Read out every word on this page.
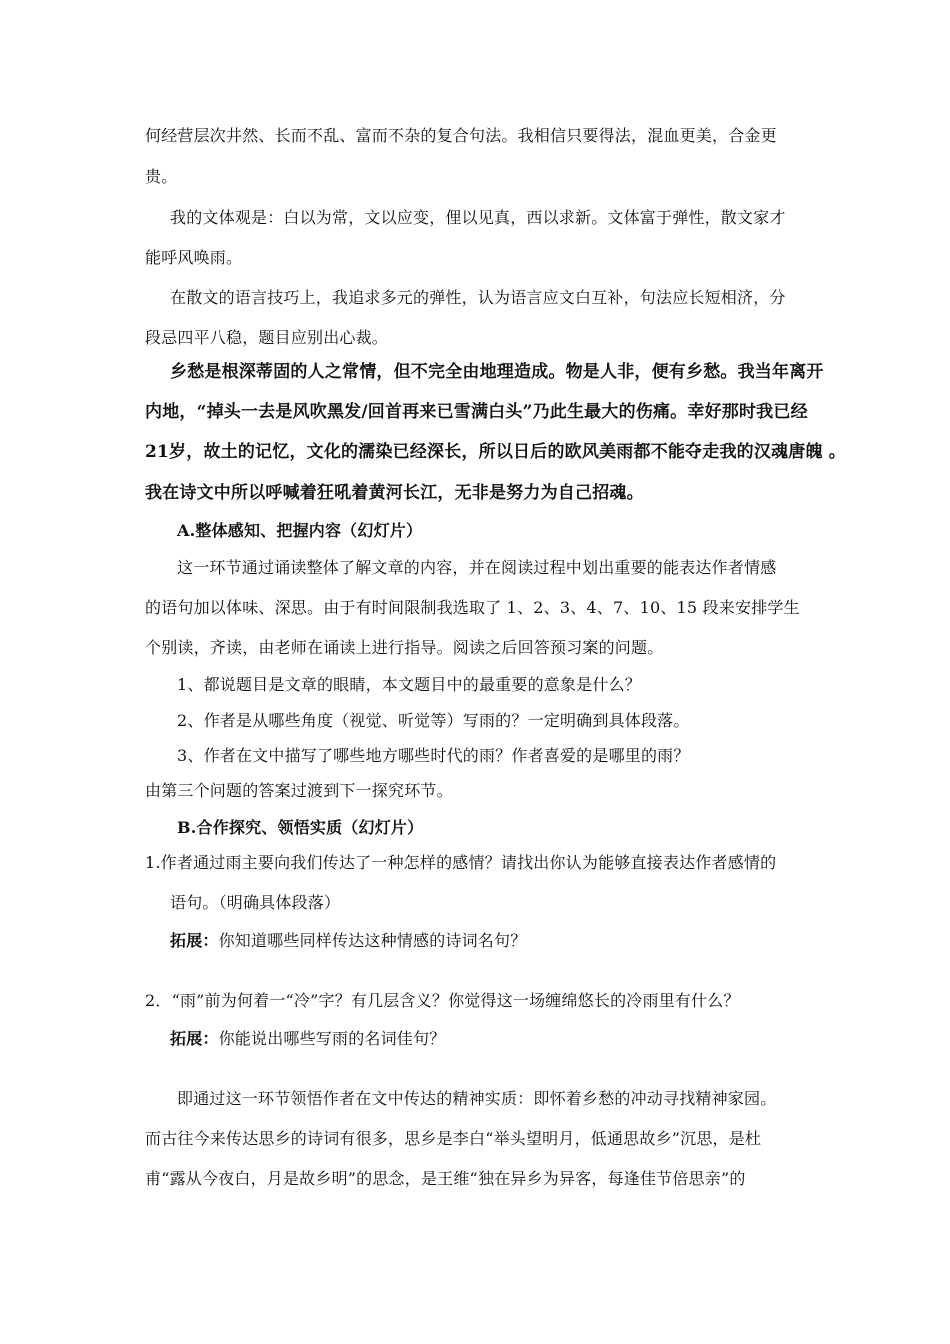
何经营层次井然、长而不乱、富而不杂的复合句法。我相信只要得法，混血更美，合金更
贵。
我的文体观是：白以为常，文以应变，俚以见真，西以求新。文体富于弹性，散文家才
能呼风唤雨。
在散文的语言技巧上，我追求多元的弹性，认为语言应文白互补，句法应长短相济，分
段忌四平八稳，题目应别出心裁。
乡愁是根深蒂固的人之常情，但不完全由地理造成。物是人非，便有乡愁。我当年离开
内地，“掉头一去是风吹黑发/回首再来已雪满白头”乃此生最大的伤痛。幸好那时我已经
21岁，故土的记忆，文化的濡染已经深长，所以日后的欧风美雨都不能夺走我的汉魂唐魄 。
我在诗文中所以呼喊着狂吼着黄河长江，无非是努力为自己招魂。
A.整体感知、把握内容（幻灯片）
这一环节通过诵读整体了解文章的内容，并在阅读过程中划出重要的能表达作者情感
的语句加以体味、深思。由于有时间限制我选取了 1、2、3、4、7、10、15 段来安排学生
个别读，齐读，由老师在诵读上进行指导。阅读之后回答预习案的问题。
1、都说题目是文章的眼睛，本文题目中的最重要的意象是什么？
2、作者是从哪些角度（视觉、听觉等）写雨的？一定明确到具体段落。
3、作者在文中描写了哪些地方哪些时代的雨？作者喜爱的是哪里的雨？
由第三个问题的答案过渡到下一探究环节。
B.合作探究、领悟实质（幻灯片）
1.作者通过雨主要向我们传达了一种怎样的感情？请找出你认为能够直接表达作者感情的
语句。（明确具体段落）
拓展：你知道哪些同样传达这种情感的诗词名句？
2．“雨”前为何着一“冷”字？有几层含义？你觉得这一场缠绵悠长的冷雨里有什么？
拓展：你能说出哪些写雨的名词佳句？
即通过这一环节领悟作者在文中传达的精神实质：即怀着乡愁的冲动寻找精神家园。
而古往今来传达思乡的诗词有很多，思乡是李白“举头望明月，低通思故乡”沉思，是杜
甫“露从今夜白，月是故乡明”的思念，是王维“独在异乡为异客，每逢佳节倍思亲”的
